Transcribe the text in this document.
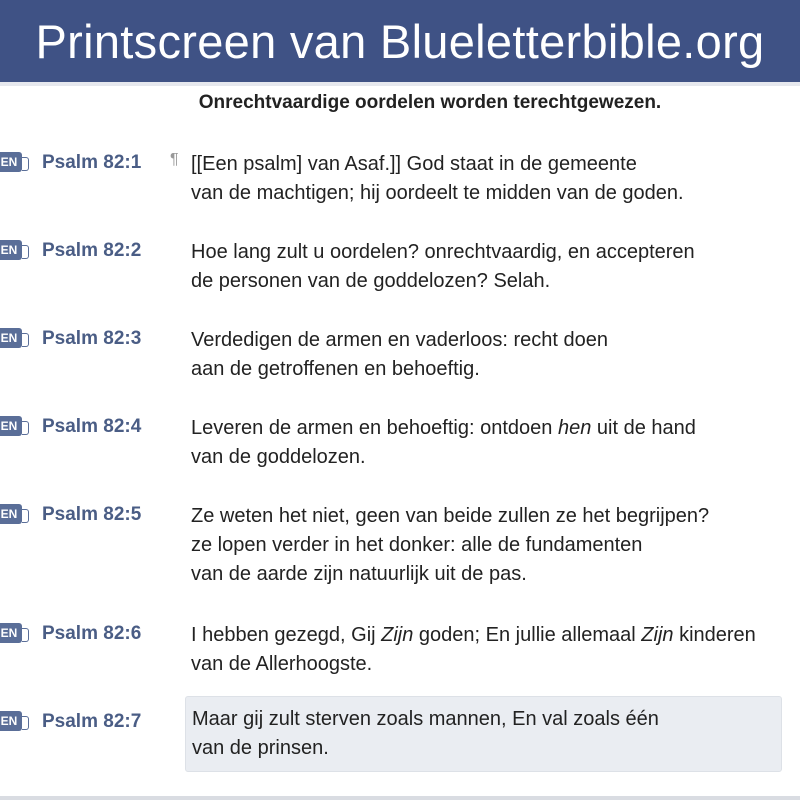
Printscreen van Blueletterbible.org
Onrechtvaardige oordelen worden terechtgewezen.
EN Psalm 82:1 ¶ [[Een psalm] van Asaf.]] God staat in de gemeente
van de machtigen; hij oordeelt te midden van de goden.
EN Psalm 82:2 Hoe lang zult u oordelen? onrechtvaardig, en accepteren
de personen van de goddelozen? Selah.
EN Psalm 82:3 Verdedigen de armen en vaderloos: recht doen
aan de getroffenen en behoeftig.
EN Psalm 82:4 Leveren de armen en behoeftig: ontdoen hen uit de hand
van de goddelozen.
EN Psalm 82:5 Ze weten het niet, geen van beide zullen ze het begrijpen?
ze lopen verder in het donker: alle de fundamenten
van de aarde zijn natuurlijk uit de pas.
EN Psalm 82:6 I hebben gezegd, Gij Zijn goden; En jullie allemaal Zijn kinderen
van de Allerhoogste.
EN Psalm 82:7	Maar gij zult sterven zoals mannen, En val zoals één
van de prinsen.
